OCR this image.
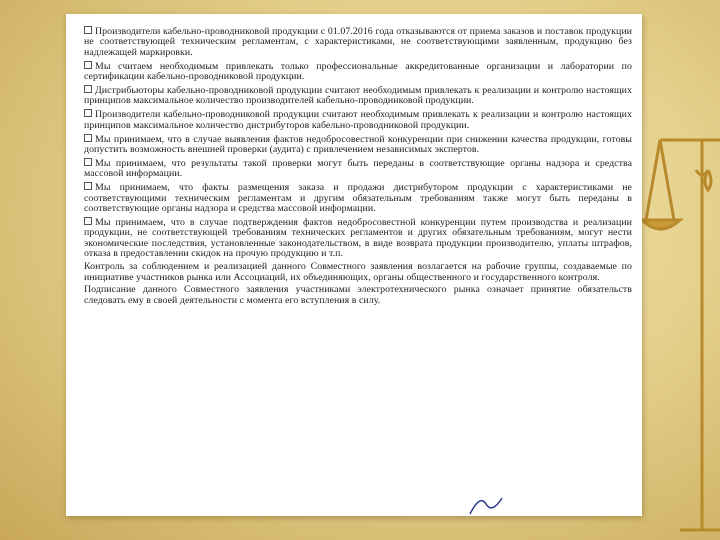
Производители кабельно-проводниковой продукции с 01.07.2016 года отказываются от приема заказов и поставок продукции не соответствующей техническим регламентам, с характеристиками, не соответствующими заявленным, продукцию без надлежащей маркировки.

Мы считаем необходимым привлекать только профессиональные аккредитованные организации и лаборатории по сертификации кабельно-проводниковой продукции.

Дистрибьюторы кабельно-проводниковой продукции считают необходимым привлекать к реализации и контролю настоящих принципов максимальное количество производителей кабельно-проводниковой продукции.

Производители кабельно-проводниковой продукции считают необходимым привлекать к реализации и контролю настоящих принципов максимальное количество дистрибуторов кабельно-проводниковой продукции.

Мы принимаем, что в случае выявления фактов недобросовестной конкуренции при снижении качества продукции, готовы допустить возможность внешней проверки (аудита) с привлечением независимых экспертов.

Мы принимаем, что результаты такой проверки могут быть переданы в соответствующие органы надзора и средства массовой информации.

Мы принимаем, что факты размещения заказа и продажи дистрибутором продукции с характеристиками не соответствующими техническим регламентам и другим обязательным требованиям также могут быть переданы в соответствующие органы надзора и средства массовой информации.

Мы принимаем, что в случае подтверждения фактов недобросовестной конкуренции путем производства и реализации продукции, не соответствующей требованиям технических регламентов и других обязательным требованиям, могут нести экономические последствия, установленные законодательством, в виде возврата продукции производителю, уплаты штрафов, отказа в предоставлении скидок на прочую продукцию и т.п.

Контроль за соблюдением и реализацией данного Совместного заявления возлагается на рабочие группы, создаваемые по инициативе участников рынка или Ассоциаций, их объединяющих, органы общественного и государственного контроля.

Подписание данного Совместного заявления участниками электротехнического рынка означает принятие обязательств следовать ему в своей деятельности с момента его вступления в силу.
